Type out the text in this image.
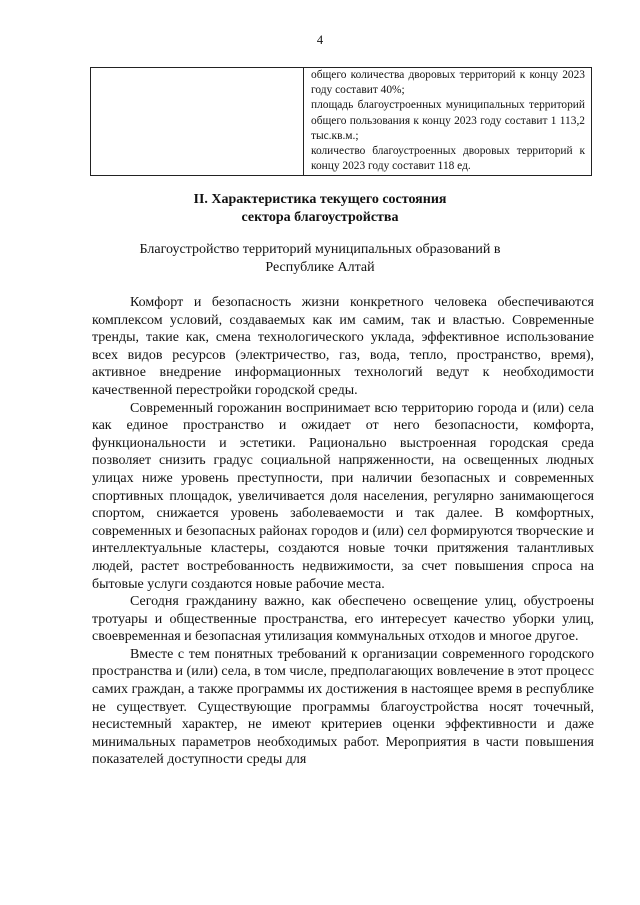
4

общего количества дворовых территорий к концу 2023 году составит 40%;
площадь благоустроенных муниципальных территорий общего пользования к концу 2023 году составит 1 113,2 тыс.кв.м.;
количество благоустроенных дворовых территорий к концу 2023 году составит 118 ед.
II. Характеристика текущего состояния
сектора благоустройства
Благоустройство территорий муниципальных образований в
Республике Алтай

Комфорт и безопасность жизни конкретного человека обеспечиваются комплексом условий, создаваемых как им самим, так и властью. Современные тренды, такие как, смена технологического уклада, эффективное использование всех видов ресурсов (электричество, газ, вода, тепло, пространство, время), активное внедрение информационных технологий ведут к необходимости качественной перестройки городской среды.

Современный горожанин воспринимает всю территорию города и (или) села как единое пространство и ожидает от него безопасности, комфорта, функциональности и эстетики. Рационально выстроенная городская среда позволяет снизить градус социальной напряженности, на освещенных людных улицах ниже уровень преступности, при наличии безопасных и современных спортивных площадок, увеличивается доля населения, регулярно занимающегося спортом, снижается уровень заболеваемости и так далее. В комфортных, современных и безопасных районах городов и (или) сел формируются творческие и интеллектуальные кластеры, создаются новые точки притяжения талантливых людей, растет востребованность недвижимости, за счет повышения спроса на бытовые услуги создаются новые рабочие места.

Сегодня гражданину важно, как обеспечено освещение улиц, обустроены тротуары и общественные пространства, его интересует качество уборки улиц, своевременная и безопасная утилизация коммунальных отходов и многое другое.

Вместе с тем понятных требований к организации современного городского пространства и (или) села, в том числе, предполагающих вовлечение в этот процесс самих граждан, а также программы их достижения в настоящее время в республике не существует. Существующие программы благоустройства носят точечный, несистемный характер, не имеют критериев оценки эффективности и даже минимальных параметров необходимых работ. Мероприятия в части повышения показателей доступности среды для
